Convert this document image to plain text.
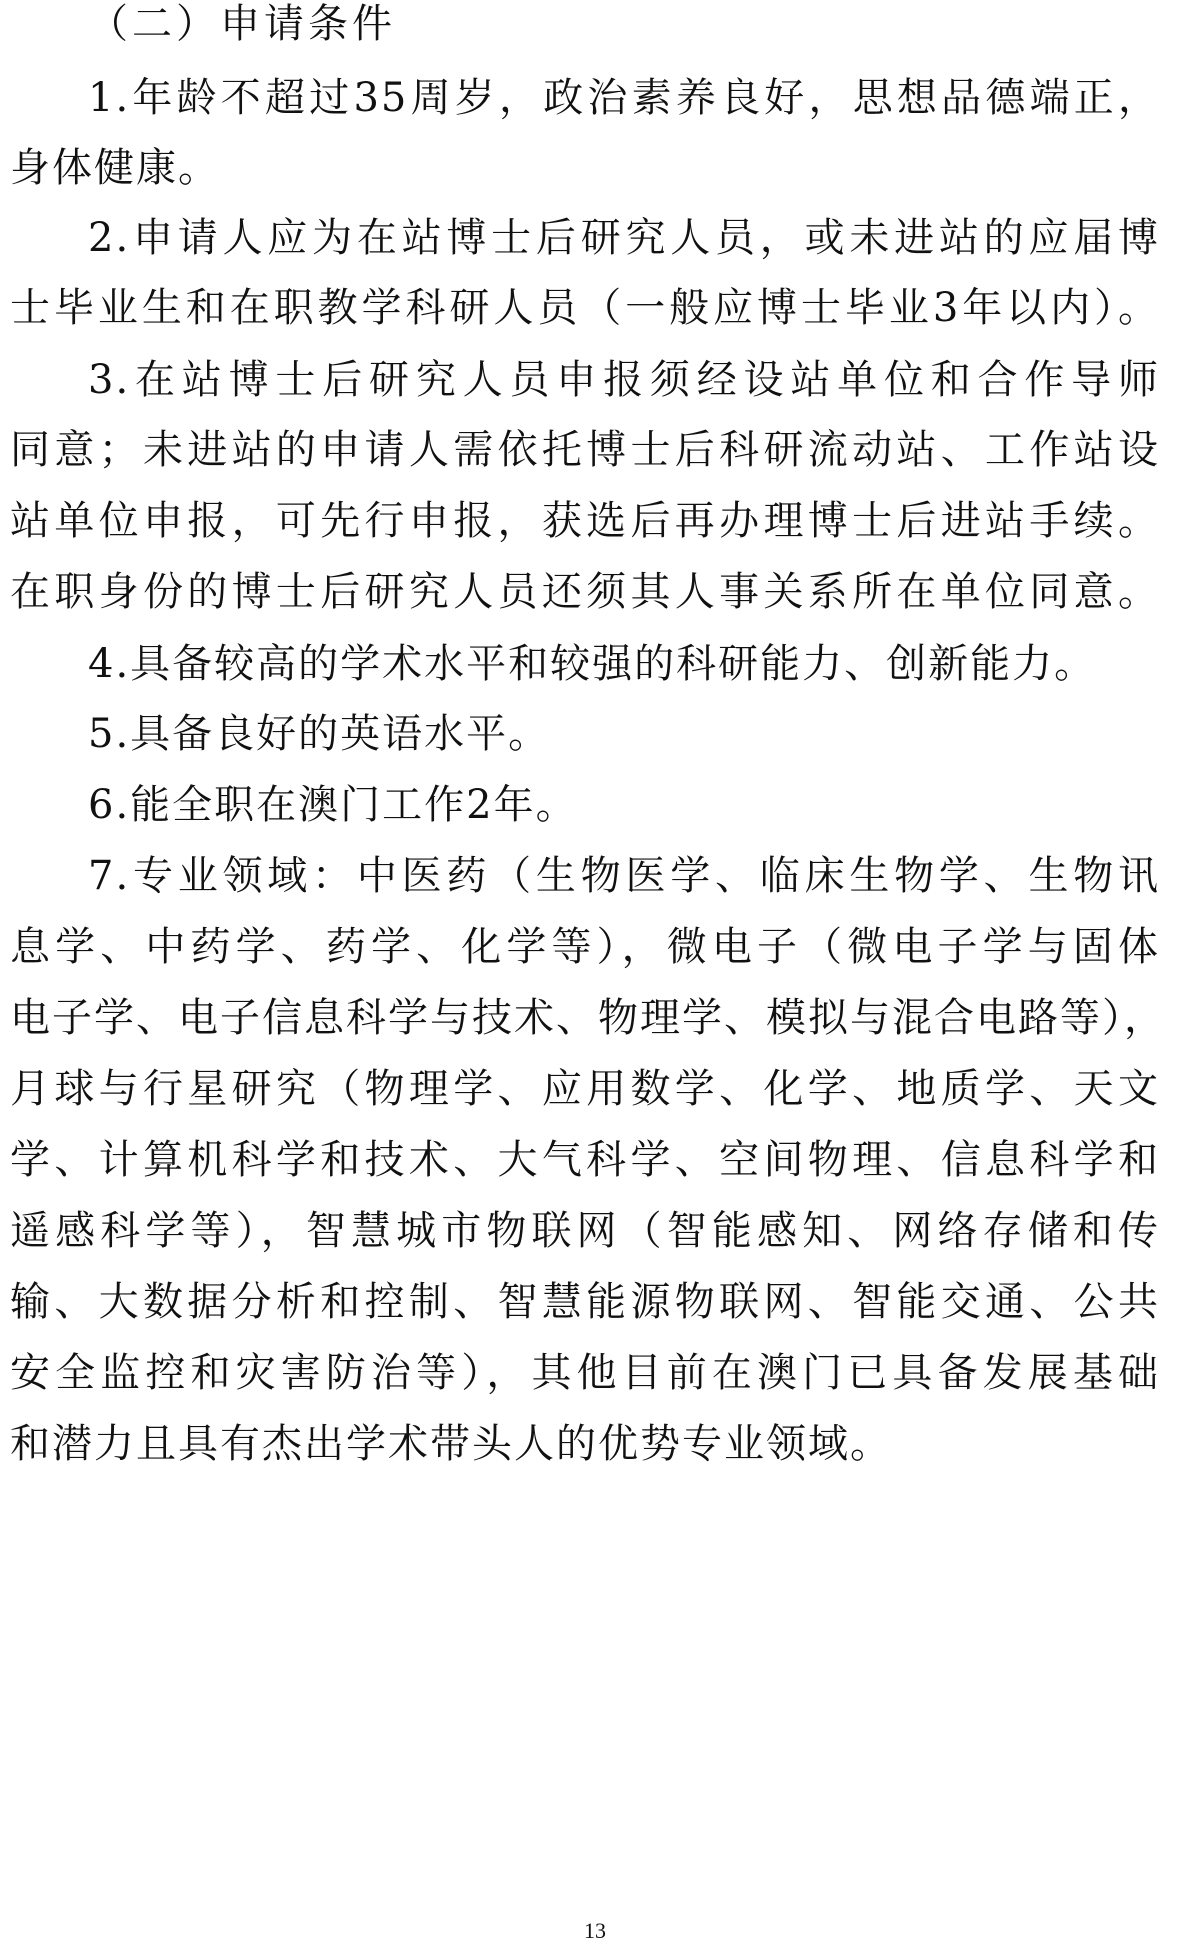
（二）申请条件
1.年龄不超过35周岁，政治素养良好，思想品德端正，
身体健康。
2.申请人应为在站博士后研究人员，或未进站的应届博
士毕业生和在职教学科研人员（一般应博士毕业3年以内）。
3.在站博士后研究人员申报须经设站单位和合作导师
同意；未进站的申请人需依托博士后科研流动站、工作站设
站单位申报，可先行申报，获选后再办理博士后进站手续。
在职身份的博士后研究人员还须其人事关系所在单位同意。
4.具备较高的学术水平和较强的科研能力、创新能力。
5.具备良好的英语水平。
6.能全职在澳门工作2年。
7.专业领域：中医药（生物医学、临床生物学、生物讯
息学、中药学、药学、化学等），微电子（微电子学与固体
电子学、电子信息科学与技术、物理学、模拟与混合电路等），
月球与行星研究（物理学、应用数学、化学、地质学、天文
学、计算机科学和技术、大气科学、空间物理、信息科学和
遥感科学等），智慧城市物联网（智能感知、网络存储和传
输、大数据分析和控制、智慧能源物联网、智能交通、公共
安全监控和灾害防治等），其他目前在澳门已具备发展基础
和潜力且具有杰出学术带头人的优势专业领域。
13
